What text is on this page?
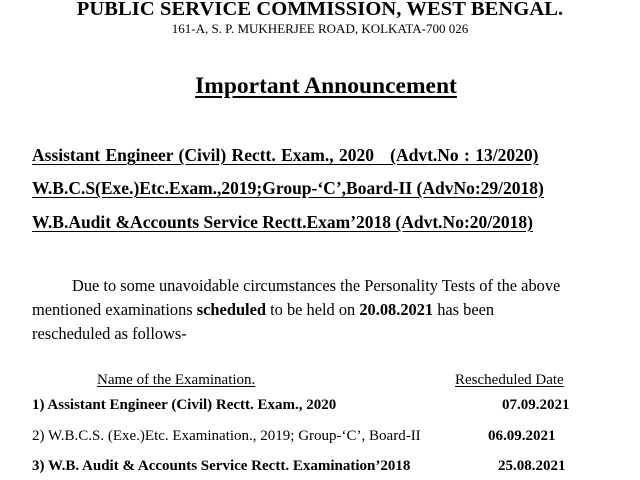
PUBLIC SERVICE COMMISSION, WEST BENGAL.
161-A, S. P. MUKHERJEE ROAD, KOLKATA-700 026
Important Announcement
Assistant Engineer (Civil) Rectt. Exam., 2020   (Advt.No : 13/2020)
W.B.C.S(Exe.)Etc.Exam.,2019;Group-‘C’,Board-II (AdvNo:29/2018)
W.B.Audit &Accounts Service Rectt.Exam’2018 (Advt.No:20/2018)
Due to some unavoidable circumstances the Personality Tests of the above
mentioned examinations scheduled to be held on 20.08.2021 has been
rescheduled as follows-
Name of the Examination.	Rescheduled Date
1) Assistant Engineer (Civil) Rectt. Exam., 2020	07.09.2021
2) W.B.C.S. (Exe.)Etc. Examination., 2019; Group-‘C’, Board-II	06.09.2021
3) W.B. Audit & Accounts Service Rectt. Examination’2018	25.08.2021
